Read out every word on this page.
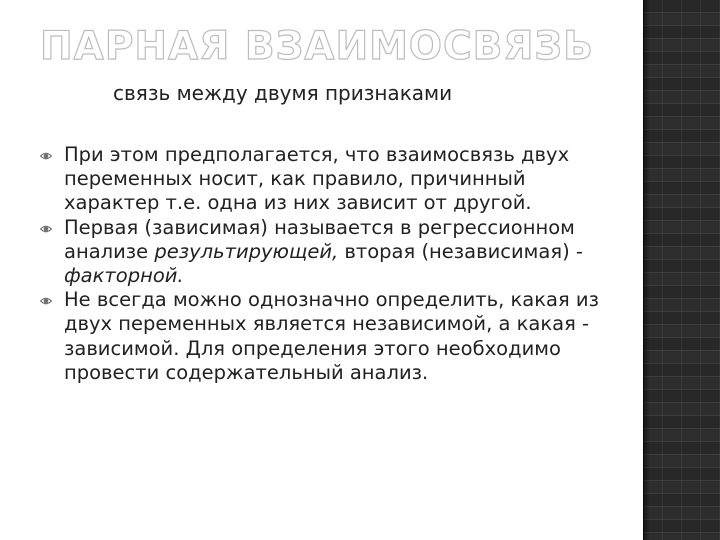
ПАРНАЯ ВЗАИМОСВЯЗЬ

связь между двумя признаками

При этом предполагается, что взаимосвязь двух переменных носит, как правило, причинный характер т.е. одна из них зависит от другой.
Первая (зависимая) называется в регрессионном анализе результирующей, вторая (независимая) - факторной.
Не всегда можно однозначно определить, какая из двух переменных является независимой, а какая - зависимой. Для определения этого необходимо провести содержательный анализ.
